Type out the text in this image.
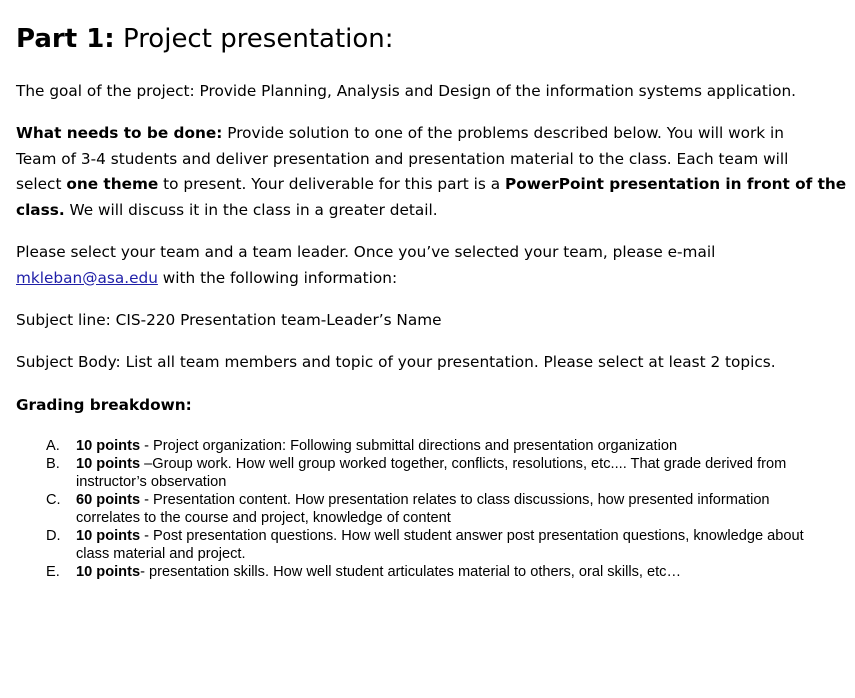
Part 1: Project presentation:

The goal of the project: Provide Planning, Analysis and Design of the information systems application.

What needs to be done: Provide solution to one of the problems described below. You will work in

Team of 3-4 students and deliver presentation and presentation material to the class. Each team will

select one theme to present. Your deliverable for this part is a PowerPoint presentation in front of the

class. We will discuss it in the class in a greater detail.

Please select your team and a team leader. Once you’ve selected your team, please e-mail

mkleban@asa.edu with the following information:

Subject line: CIS-220 Presentation team-Leader’s Name

Subject Body: List all team members and topic of your presentation. Please select at least 2 topics.

Grading breakdown:

A. 10 points - Project organization: Following submittal directions and presentation organization
B. 10 points –Group work. How well group worked together, conflicts, resolutions, etc.... That grade derived from instructor’s observation
C. 60 points - Presentation content. How presentation relates to class discussions, how presented information correlates to the course and project, knowledge of content
D. 10 points - Post presentation questions. How well student answer post presentation questions, knowledge about class material and project.
E. 10 points- presentation skills. How well student articulates material to others, oral skills, etc…
